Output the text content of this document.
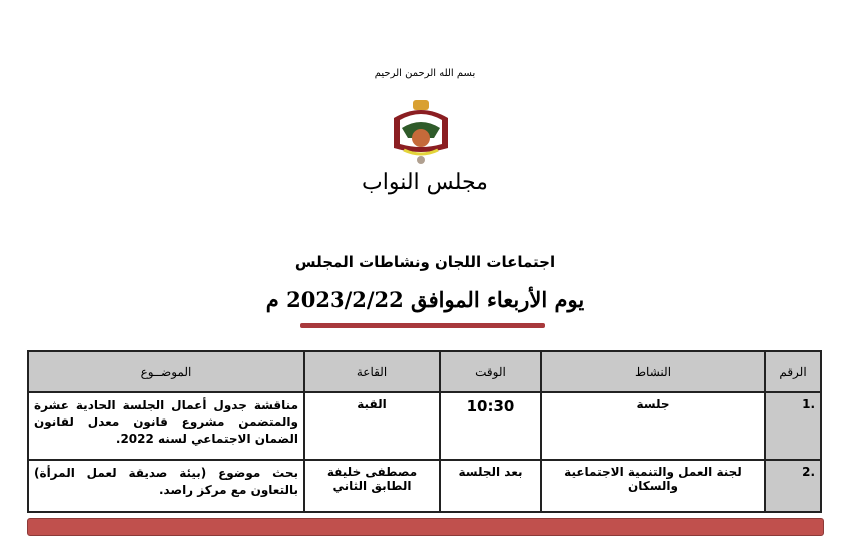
بسم الله الرحمن الرحيم
مجلس النواب
اجتماعات اللجان ونشاطات المجلس
يوم الأربعاء الموافق 2023/2/22 م
الرقم	النشاط	الوقت	القاعة	الموضــوع
.1	جلسة	10:30	القبة	مناقشة جدول أعمال الجلسة الحادية عشرة والمتضمن مشروع قانون معدل لقانون الضمان الاجتماعي لسنه 2022.
.2	لجنة العمل والتنمية الاجتماعية والسكان	بعد الجلسة	مصطفى خليفة الطابق الثاني	بحث موضوع (بيئة صديقة لعمل المرأة) بالتعاون مع مركز راصد.
